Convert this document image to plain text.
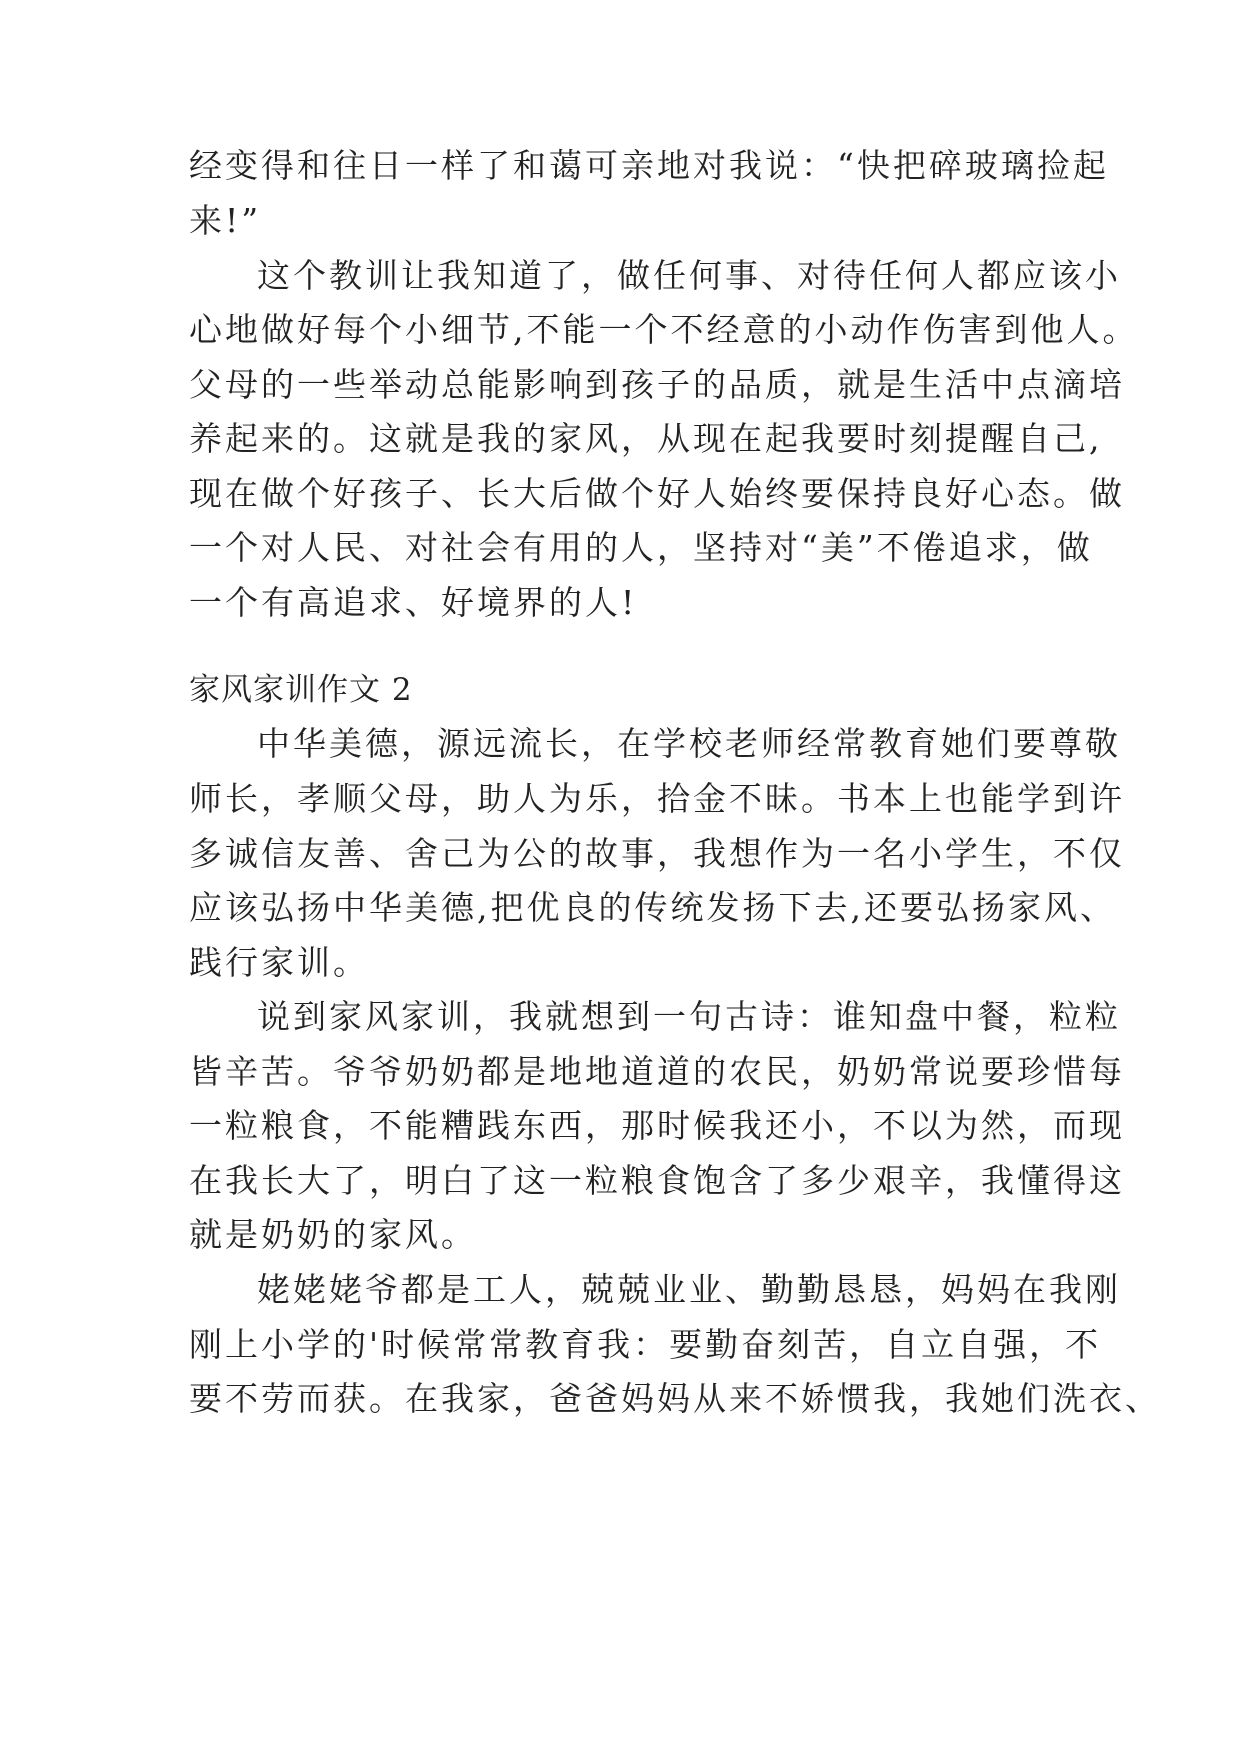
经变得和往日一样了和蔼可亲地对我说：“快把碎玻璃捡起
来!”
这个教训让我知道了，做任何事、对待任何人都应该小
心地做好每个小细节,不能一个不经意的小动作伤害到他人。
父母的一些举动总能影响到孩子的品质，就是生活中点滴培
养起来的。这就是我的家风，从现在起我要时刻提醒自己,
现在做个好孩子、长大后做个好人始终要保持良好心态。做
一个对人民、对社会有用的人，坚持对“美”不倦追求，做
一个有高追求、好境界的人!
家风家训作文 2
中华美德，源远流长，在学校老师经常教育她们要尊敬
师长，孝顺父母，助人为乐，拾金不昧。书本上也能学到许
多诚信友善、舍己为公的故事，我想作为一名小学生，不仅
应该弘扬中华美德,把优良的传统发扬下去,还要弘扬家风、
践行家训。
说到家风家训，我就想到一句古诗：谁知盘中餐，粒粒
皆辛苦。爷爷奶奶都是地地道道的农民，奶奶常说要珍惜每
一粒粮食，不能糟践东西，那时候我还小，不以为然，而现
在我长大了，明白了这一粒粮食饱含了多少艰辛，我懂得这
就是奶奶的家风。
姥姥姥爷都是工人，兢兢业业、勤勤恳恳，妈妈在我刚
刚上小学的'时候常常教育我：要勤奋刻苦，自立自强，不
要不劳而获。在我家，爸爸妈妈从来不娇惯我，我她们洗衣、
